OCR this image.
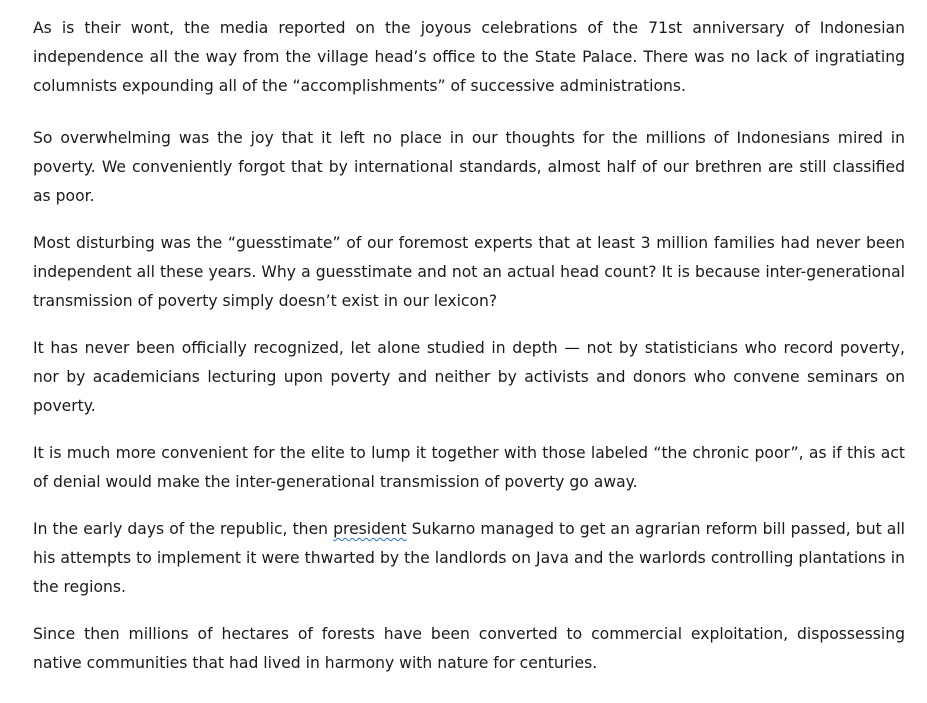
As is their wont, the media reported on the joyous celebrations of the 71st anniversary of Indonesian independence all the way from the village head’s office to the State Palace. There was no lack of ingratiating columnists expounding all of the “accomplishments” of successive administrations.

So overwhelming was the joy that it left no place in our thoughts for the millions of Indonesians mired in poverty. We conveniently forgot that by international standards, almost half of our brethren are still classified as poor.

Most disturbing was the “guesstimate” of our foremost experts that at least 3 million families had never been independent all these years. Why a guesstimate and not an actual head count? It is because inter-generational transmission of poverty simply doesn’t exist in our lexicon?

It has never been officially recognized, let alone studied in depth — not by statisticians who record poverty, nor by academicians lecturing upon poverty and neither by activists and donors who convene seminars on poverty.

It is much more convenient for the elite to lump it together with those labeled “the chronic poor”, as if this act of denial would make the inter-generational transmission of poverty go away.

In the early days of the republic, then president Sukarno managed to get an agrarian reform bill passed, but all his attempts to implement it were thwarted by the landlords on Java and the warlords controlling plantations in the regions.

Since then millions of hectares of forests have been converted to commercial exploitation, dispossessing native communities that had lived in harmony with nature for centuries.
